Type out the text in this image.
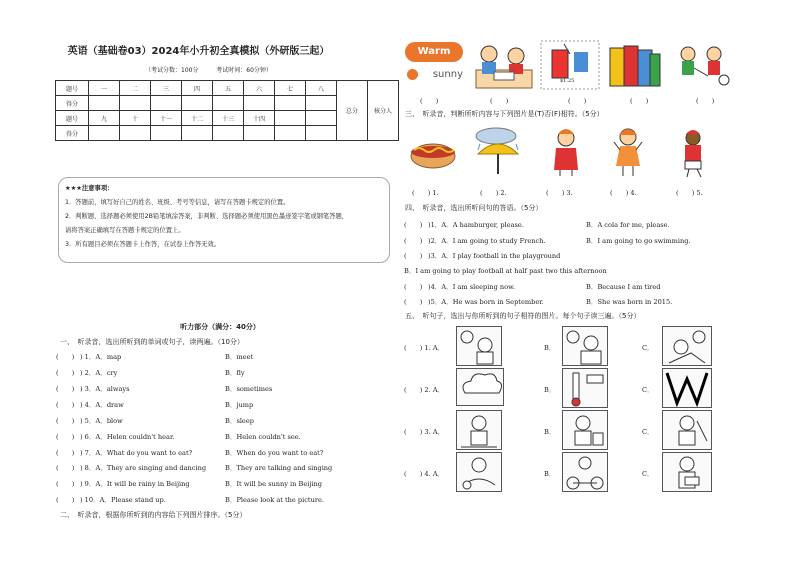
英语（基础卷03）2024年小升初全真模拟（外研版三起）
（考试分数：100分	考试时间：60分钟）
题号	一	二	三	四	五	六	七	八	总分	核分人
得分										
题号	九	十	十一	十二	十三	十四				
得分										
★★★注意事项：
1．答题前，填写好自己的姓名、班级、考号等信息，请写在答题卡规定的位置。
2．判断题、选择题必须使用2B铅笔填涂答案，非判断、选择题必须使用黑色墨迹签字笔或钢笔答题，
请将答案正确填写在答题卡规定的位置上。
3．所有题目必须在答题卡上作答，在试卷上作答无效。
听力部分（满分：40分）
一、　听录音，选出所听到的单词或句子，读两遍。（10分）
(　　) ) 1．A．map	B．meet
(　　) ) 2．A．cry	B．fly
(　　) ) 3．A．always	B．sometimes
(　　) ) 4．A．draw	B．jump
(　　) ) 5．A．blow	B．sleep
(　　) ) 6．A．Helen couldn't hear.	B．Helen couldn't see.
(　　) ) 7．A．What do you want to eat?	B．When do you want to eat?
(　　) ) 8．A．They are singing and dancing	B．They are talking and singing
(　　) ) 9．A．It will be rainy in Beijing	B．It will be sunny in Beijing
(　　) ) 10．A．Please stand up.	B．Please look at the picture.
二、　听录音，根据你所听到的内容给下列图片排序。（5分）
Warm
sunny
$1.25
(　　)	(　　)	(　　)	(　　)	(　　)
三、　听录音，判断所听内容与下列图片是(T)否(F)相符。（5分）
(　　) 1.	(　　) 2.	(　　) 3.	(　　) 4.	(　　) 5.
四、　听录音，选出所听问句的答语。（5分）
(　　) )1．A．A hamburger, please.	B．A cola for me, please.
(　　) )2．A．I am going to study French.	B．I am going to go swimming.
(　　) )3．A．I play football in the playground
B．I am going to play football at half past two this afternoon
(　　) )4．A．I am sleeping now.	B．Because I am tired
(　　) )5．A．He was born in September.	B．She was born in 2015.
五、　听句子，选出与你所听到的句子相符的图片。每个句子读三遍。（5分）
(　　) 1. A．	B．	C．
(　　) 2. A．	B．	C．
(　　) 3. A．	B．	C．
(　　) 4. A．	B．	C．
